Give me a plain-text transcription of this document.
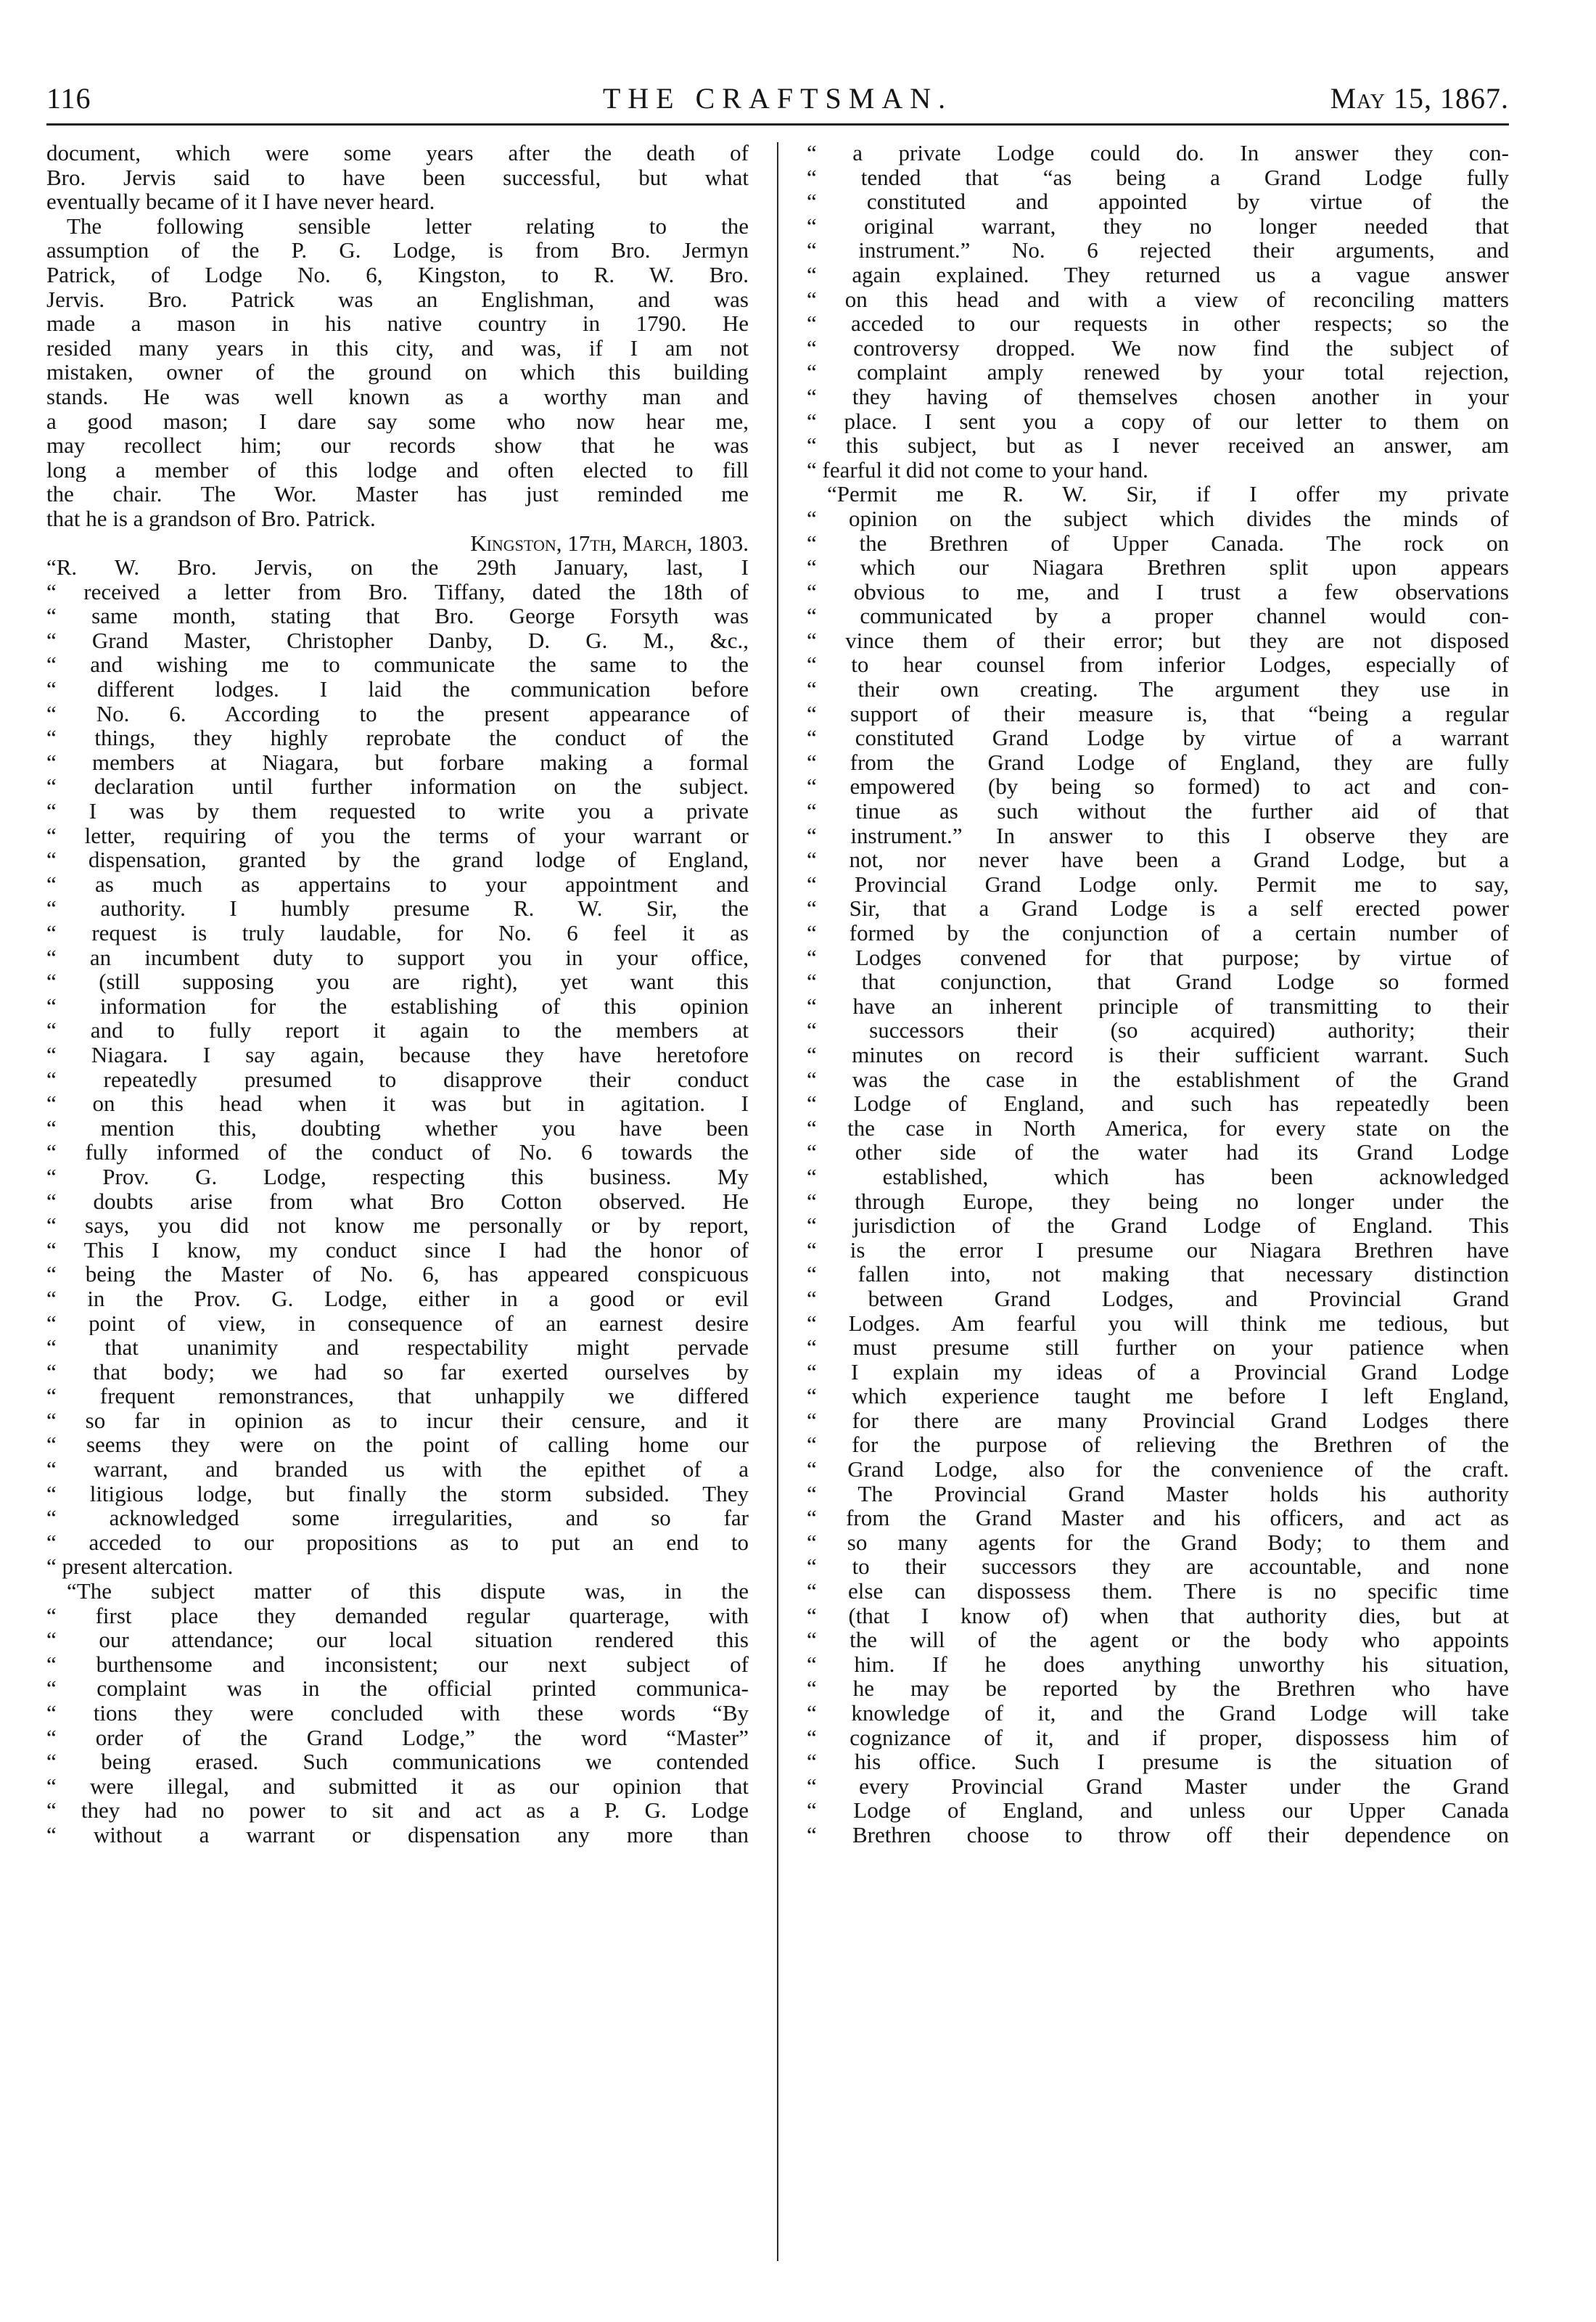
116	THE CRAFTSMAN.	May 15, 1867.
document, which were some years after the death of
Bro. Jervis said to have been successful, but what
eventually became of it I have never heard.
The following sensible letter relating to the
assumption of the P. G. Lodge, is from Bro. Jermyn
Patrick, of Lodge No. 6, Kingston, to R. W. Bro.
Jervis. Bro. Patrick was an Englishman, and was
made a mason in his native country in 1790. He
resided many years in this city, and was, if I am not
mistaken, owner of the ground on which this building
stands. He was well known as a worthy man and
a good mason; I dare say some who now hear me,
may recollect him; our records show that he was
long a member of this lodge and often elected to fill
the chair. The Wor. Master has just reminded me
that he is a grandson of Bro. Patrick.
Kingston, 17th, March, 1803.
“R. W. Bro. Jervis, on the 29th January, last, I
“ received a letter from Bro. Tiffany, dated the 18th of
“ same month, stating that Bro. George Forsyth was
“ Grand Master, Christopher Danby, D. G. M., &c.,
“ and wishing me to communicate the same to the
“ different lodges. I laid the communication before
“ No. 6. According to the present appearance of
“ things, they highly reprobate the conduct of the
“ members at Niagara, but forbare making a formal
“ declaration until further information on the subject.
“ I was by them requested to write you a private
“ letter, requiring of you the terms of your warrant or
“ dispensation, granted by the grand lodge of England,
“ as much as appertains to your appointment and
“ authority. I humbly presume R. W. Sir, the
“ request is truly laudable, for No. 6 feel it as
“ an incumbent duty to support you in your office,
“ (still supposing you are right), yet want this
“ information for the establishing of this opinion
“ and to fully report it again to the members at
“ Niagara. I say again, because they have heretofore
“ repeatedly presumed to disapprove their conduct
“ on this head when it was but in agitation. I
“ mention this, doubting whether you have been
“ fully informed of the conduct of No. 6 towards the
“ Prov. G. Lodge, respecting this business. My
“ doubts arise from what Bro Cotton observed. He
“ says, you did not know me personally or by report,
“ This I know, my conduct since I had the honor of
“ being the Master of No. 6, has appeared conspicuous
“ in the Prov. G. Lodge, either in a good or evil
“ point of view, in consequence of an earnest desire
“ that unanimity and respectability might pervade
“ that body; we had so far exerted ourselves by
“ frequent remonstrances, that unhappily we differed
“ so far in opinion as to incur their censure, and it
“ seems they were on the point of calling home our
“ warrant, and branded us with the epithet of a
“ litigious lodge, but finally the storm subsided. They
“ acknowledged some irregularities, and so far
“ acceded to our propositions as to put an end to
“ present altercation.
“The subject matter of this dispute was, in the
“ first place they demanded regular quarterage, with
“ our attendance; our local situation rendered this
“ burthensome and inconsistent; our next subject of
“ complaint was in the official printed communica-
“ tions they were concluded with these words “By
“ order of the Grand Lodge,” the word “Master”
“ being erased. Such communications we contended
“ were illegal, and submitted it as our opinion that
“ they had no power to sit and act as a P. G. Lodge
“ without a warrant or dispensation any more than
“ a private Lodge could do. In answer they con-
“ tended that “as being a Grand Lodge fully
“ constituted and appointed by virtue of the
“ original warrant, they no longer needed that
“ instrument.” No. 6 rejected their arguments, and
“ again explained. They returned us a vague answer
“ on this head and with a view of reconciling matters
“ acceded to our requests in other respects; so the
“ controversy dropped. We now find the subject of
“ complaint amply renewed by your total rejection,
“ they having of themselves chosen another in your
“ place. I sent you a copy of our letter to them on
“ this subject, but as I never received an answer, am
“ fearful it did not come to your hand.
“Permit me R. W. Sir, if I offer my private
“ opinion on the subject which divides the minds of
“ the Brethren of Upper Canada. The rock on
“ which our Niagara Brethren split upon appears
“ obvious to me, and I trust a few observations
“ communicated by a proper channel would con-
“ vince them of their error; but they are not disposed
“ to hear counsel from inferior Lodges, especially of
“ their own creating. The argument they use in
“ support of their measure is, that “being a regular
“ constituted Grand Lodge by virtue of a warrant
“ from the Grand Lodge of England, they are fully
“ empowered (by being so formed) to act and con-
“ tinue as such without the further aid of that
“ instrument.” In answer to this I observe they are
“ not, nor never have been a Grand Lodge, but a
“ Provincial Grand Lodge only. Permit me to say,
“ Sir, that a Grand Lodge is a self erected power
“ formed by the conjunction of a certain number of
“ Lodges convened for that purpose; by virtue of
“ that conjunction, that Grand Lodge so formed
“ have an inherent principle of transmitting to their
“ successors their (so acquired) authority; their
“ minutes on record is their sufficient warrant. Such
“ was the case in the establishment of the Grand
“ Lodge of England, and such has repeatedly been
“ the case in North America, for every state on the
“ other side of the water had its Grand Lodge
“ established, which has been acknowledged
“ through Europe, they being no longer under the
“ jurisdiction of the Grand Lodge of England. This
“ is the error I presume our Niagara Brethren have
“ fallen into, not making that necessary distinction
“ between Grand Lodges, and Provincial Grand
“ Lodges. Am fearful you will think me tedious, but
“ must presume still further on your patience when
“ I explain my ideas of a Provincial Grand Lodge
“ which experience taught me before I left England,
“ for there are many Provincial Grand Lodges there
“ for the purpose of relieving the Brethren of the
“ Grand Lodge, also for the convenience of the craft.
“ The Provincial Grand Master holds his authority
“ from the Grand Master and his officers, and act as
“ so many agents for the Grand Body; to them and
“ to their successors they are accountable, and none
“ else can dispossess them. There is no specific time
“ (that I know of) when that authority dies, but at
“ the will of the agent or the body who appoints
“ him. If he does anything unworthy his situation,
“ he may be reported by the Brethren who have
“ knowledge of it, and the Grand Lodge will take
“ cognizance of it, and if proper, dispossess him of
“ his office. Such I presume is the situation of
“ every Provincial Grand Master under the Grand
“ Lodge of England, and unless our Upper Canada
“ Brethren choose to throw off their dependence on
